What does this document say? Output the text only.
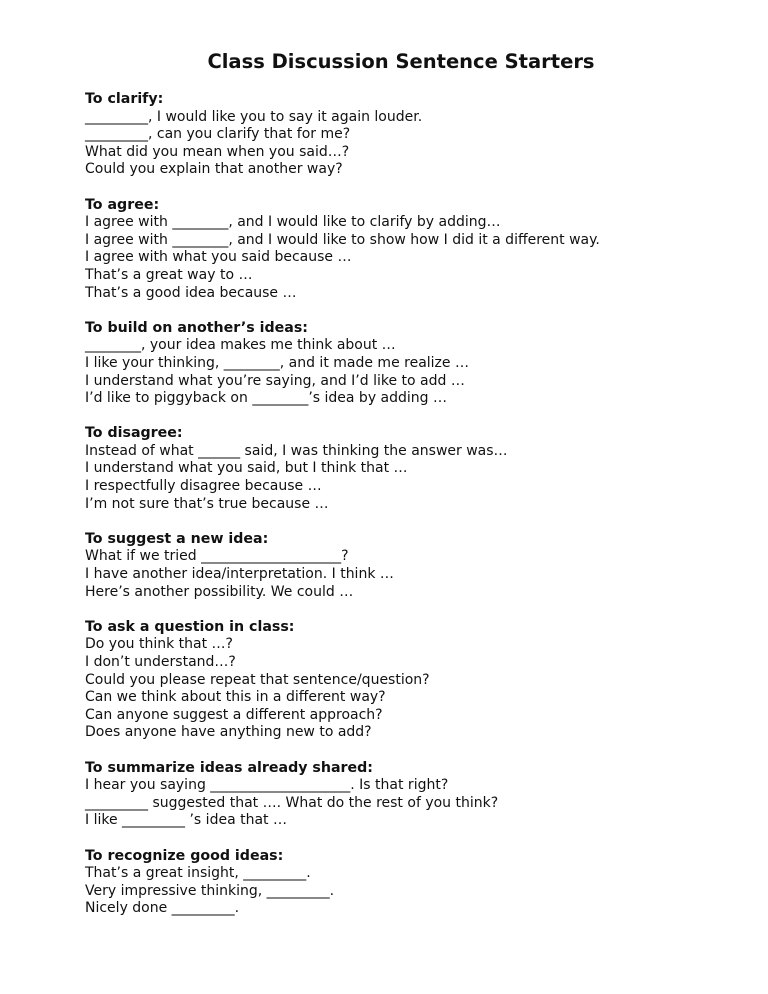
Class Discussion Sentence Starters
To clarify:
_________, I would like you to say it again louder.
_________, can you clarify that for me?
What did you mean when you said…?
Could you explain that another way?
To agree:
I agree with ________, and I would like to clarify by adding…
I agree with ________, and I would like to show how I did it a different way.
I agree with what you said because …
That’s a great way to …
That’s a good idea because …
To build on another’s ideas:
________, your idea makes me think about …
I like your thinking, ________, and it made me realize …
I understand what you’re saying, and I’d like to add …
I’d like to piggyback on ________’s idea by adding …
To disagree:
Instead of what ______ said, I was thinking the answer was…
I understand what you said, but I think that …
I respectfully disagree because …
I’m not sure that’s true because …
To suggest a new idea:
What if we tried ____________________?
I have another idea/interpretation. I think …
Here’s another possibility. We could …
To ask a question in class:
Do you think that …?
I don’t understand…?
Could you please repeat that sentence/question?
Can we think about this in a different way?
Can anyone suggest a different approach?
Does anyone have anything new to add?
To summarize ideas already shared:
I hear you saying ____________________. Is that right?
_________ suggested that …. What do the rest of you think?
I like _________ ’s idea that …
To recognize good ideas:
That’s a great insight, _________.
Very impressive thinking, _________.
Nicely done _________.
